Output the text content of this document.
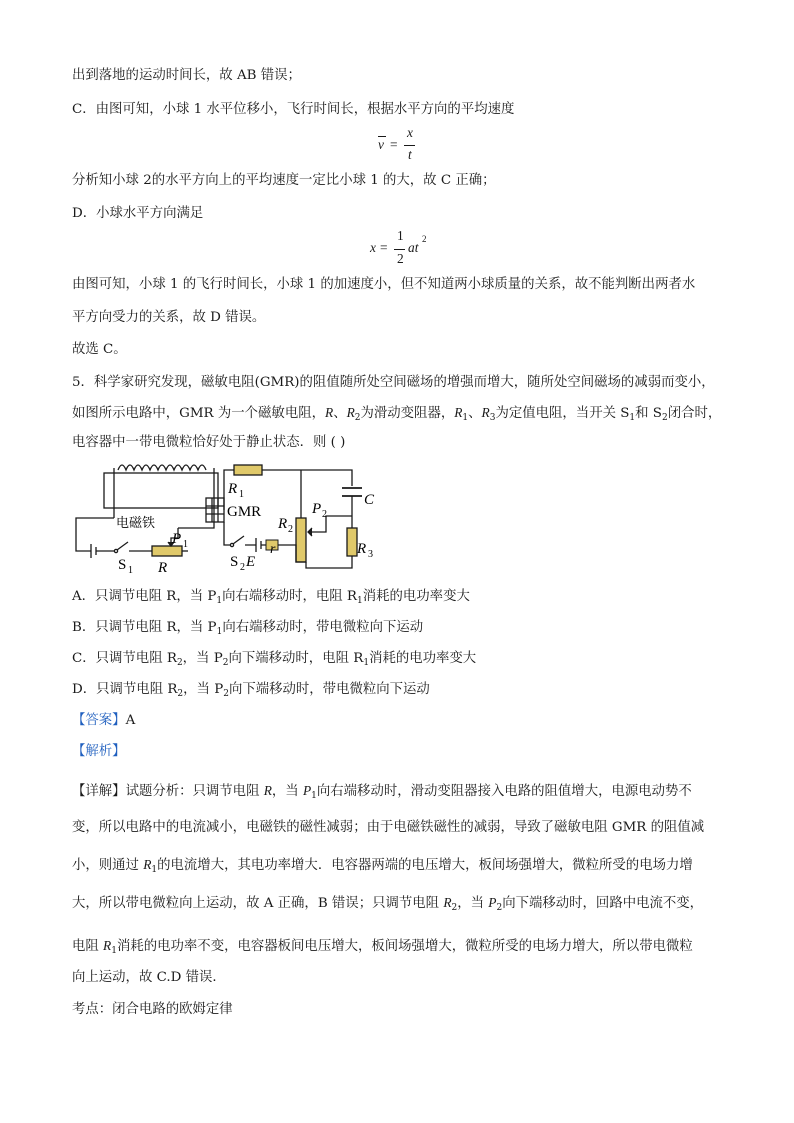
出到落地的运动时间长，故 AB 错误；
C．由图可知，小球 1 水平位移小，飞行时间长，根据水平方向的平均速度
v =
x
t
分析知小球 2的水平方向上的平均速度一定比小球 1 的大，故 C 正确；
D．小球水平方向满足
x =
1
2
at
2
由图可知，小球 1 的飞行时间长，小球 1 的加速度小，但不知道两小球质量的关系，故不能判断出两者水
平方向受力的关系，故 D 错误。
故选 C。
5．科学家研究发现，磁敏电阻(GMR)的阻值随所处空间磁场的增强而增大，随所处空间磁场的减弱而变小，
如图所示电路中，GMR 为一个磁敏电阻，R、$R_2$为滑动变阻器，$R_1$、$R_3$为定值电阻，当开关 $S_1$和 $S_2$闭合时，
电容器中一带电微粒恰好处于静止状态．则 ( )
R 1
GMR
电磁铁
P 1
R
S 1
S 2 E
r
R 2
P 2
C
R 3
A．只调节电阻 R，当 $P_1$向右端移动时，电阻 $R_1$消耗的电功率变大
B．只调节电阻 R，当 $P_1$向右端移动时，带电微粒向下运动
C．只调节电阻 $R_2$，当 $P_2$向下端移动时，电阻 $R_1$消耗的电功率变大
D．只调节电阻 $R_2$，当 $P_2$向下端移动时，带电微粒向下运动
【答案】A
【解析】
【详解】试题分析：只调节电阻 R，当 $P_1$向右端移动时，滑动变阻器接入电路的阻值增大，电源电动势不
变，所以电路中的电流减小，电磁铁的磁性减弱；由于电磁铁磁性的减弱，导致了磁敏电阻 GMR 的阻值减
小，则通过 $R_1$的电流增大，其电功率增大．电容器两端的电压增大，板间场强增大，微粒所受的电场力增
大，所以带电微粒向上运动，故 A 正确，B 错误；只调节电阻 $R_2$，当 $P_2$向下端移动时，回路中电流不变，
电阻 $R_1$消耗的电功率不变，电容器板间电压增大，板间场强增大，微粒所受的电场力增大，所以带电微粒
向上运动，故 C.D 错误．
考点：闭合电路的欧姆定律
